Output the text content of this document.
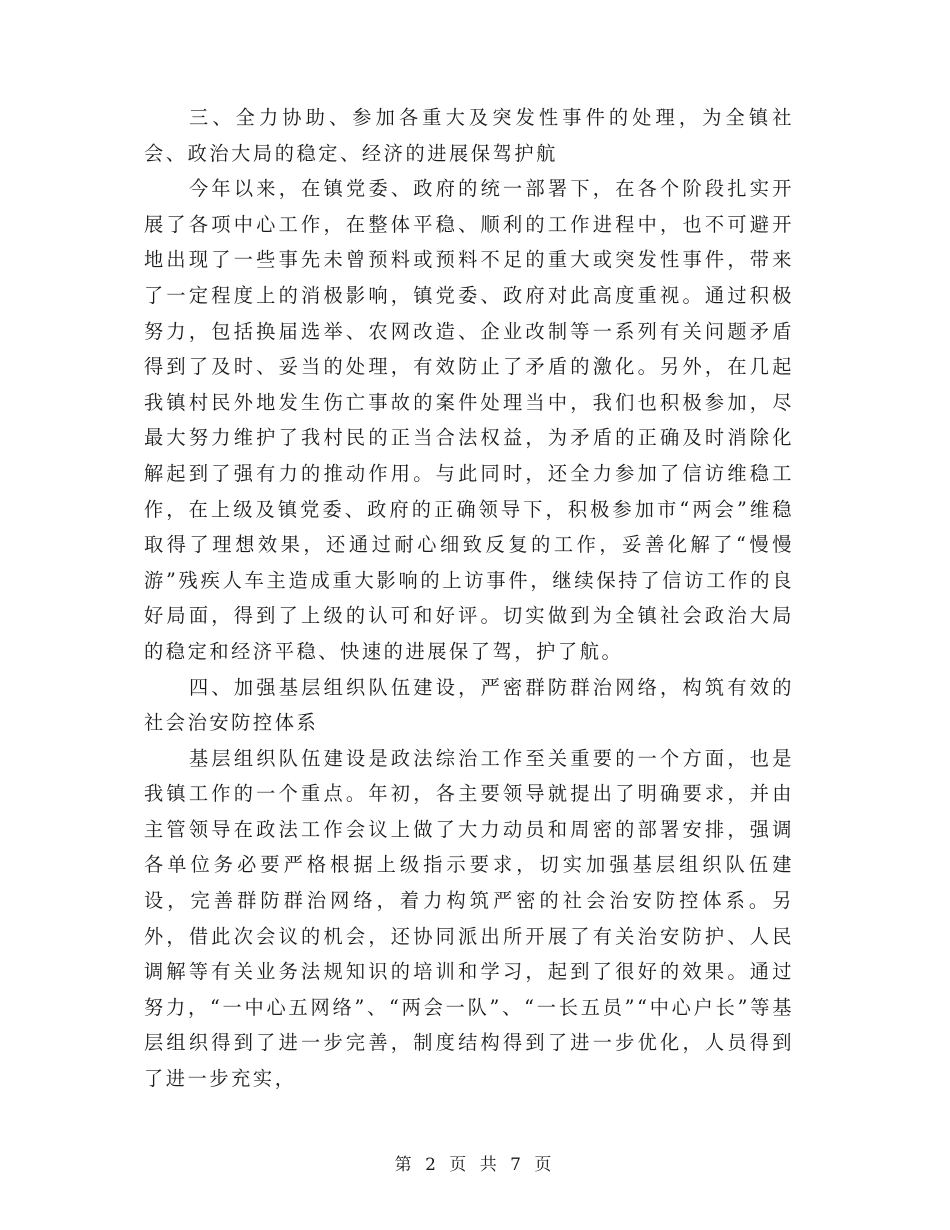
三、全力协助、参加各重大及突发性事件的处理，为全镇社会、政治大局的稳定、经济的进展保驾护航

今年以来，在镇党委、政府的统一部署下，在各个阶段扎实开展了各项中心工作，在整体平稳、顺利的工作进程中，也不可避开地出现了一些事先未曾预料或预料不足的重大或突发性事件，带来了一定程度上的消极影响，镇党委、政府对此高度重视。通过积极努力，包括换届选举、农网改造、企业改制等一系列有关问题矛盾得到了及时、妥当的处理，有效防止了矛盾的激化。另外，在几起我镇村民外地发生伤亡事故的案件处理当中，我们也积极参加，尽最大努力维护了我村民的正当合法权益，为矛盾的正确及时消除化解起到了强有力的推动作用。与此同时，还全力参加了信访维稳工作，在上级及镇党委、政府的正确领导下，积极参加市“两会”维稳取得了理想效果，还通过耐心细致反复的工作，妥善化解了“慢慢游”残疾人车主造成重大影响的上访事件，继续保持了信访工作的良好局面，得到了上级的认可和好评。切实做到为全镇社会政治大局的稳定和经济平稳、快速的进展保了驾，护了航。

四、加强基层组织队伍建设，严密群防群治网络，构筑有效的社会治安防控体系

基层组织队伍建设是政法综治工作至关重要的一个方面，也是我镇工作的一个重点。年初，各主要领导就提出了明确要求，并由主管领导在政法工作会议上做了大力动员和周密的部署安排，强调各单位务必要严格根据上级指示要求，切实加强基层组织队伍建设，完善群防群治网络，着力构筑严密的社会治安防控体系。另外，借此次会议的机会，还协同派出所开展了有关治安防护、人民调解等有关业务法规知识的培训和学习，起到了很好的效果。通过努力，“一中心五网络”、“两会一队”、“一长五员”“中心户长”等基层组织得到了进一步完善，制度结构得到了进一步优化，人员得到了进一步充实，

第 2 页 共 7 页
